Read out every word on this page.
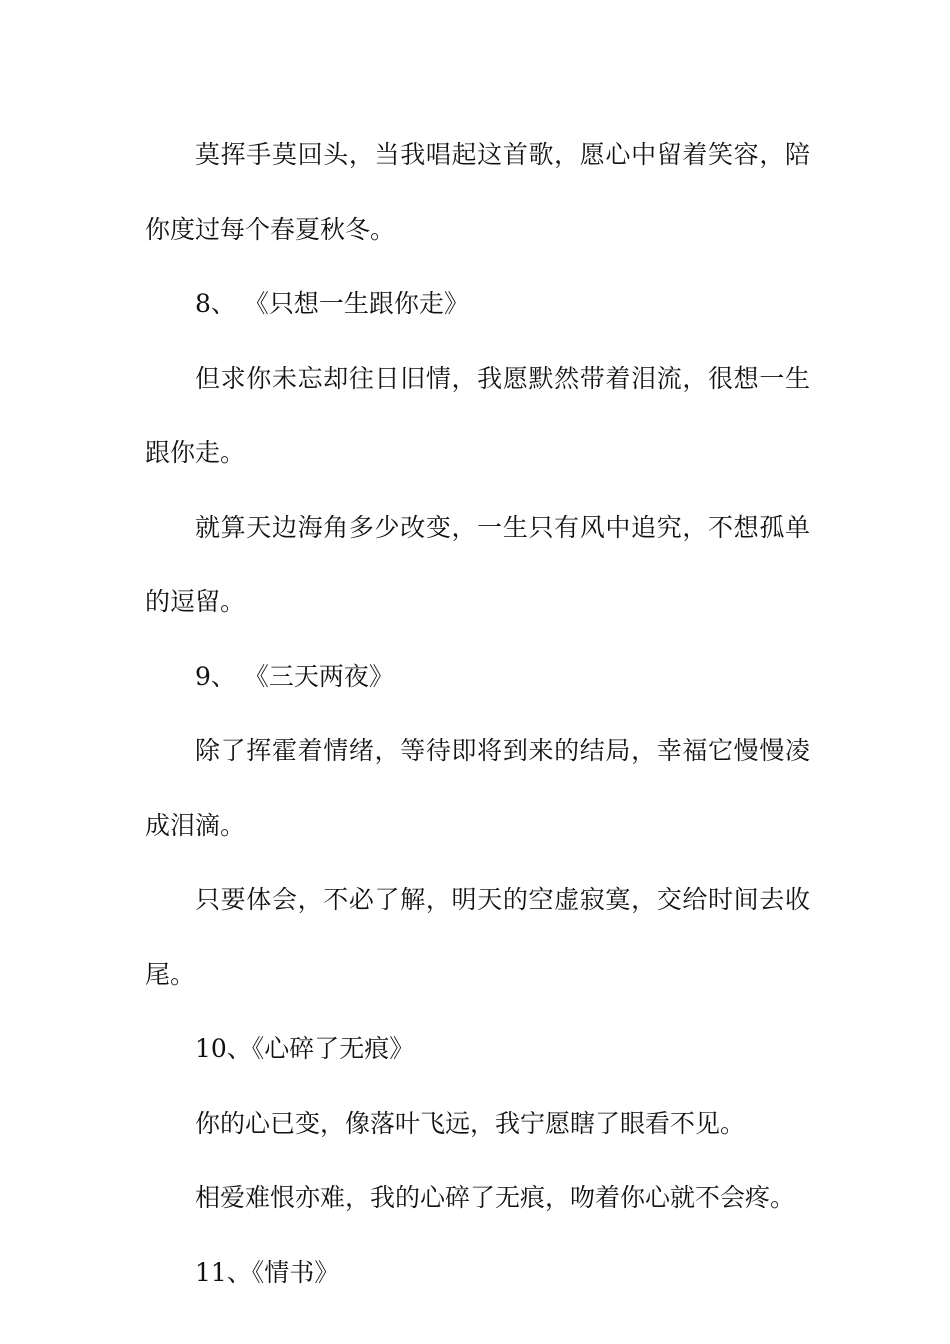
莫挥手莫回头，当我唱起这首歌，愿心中留着笑容，陪你度过每个春夏秋冬。

8、 《只想一生跟你走》

但求你未忘却往日旧情，我愿默然带着泪流，很想一生跟你走。

就算天边海角多少改变，一生只有风中追究，不想孤单的逗留。

9、 《三天两夜》

除了挥霍着情绪，等待即将到来的结局，幸福它慢慢凌成泪滴。

只要体会，不必了解，明天的空虚寂寞，交给时间去收尾。

10、《心碎了无痕》

你的心已变，像落叶飞远，我宁愿瞎了眼看不见。

相爱难恨亦难，我的心碎了无痕，吻着你心就不会疼。

11、《情书》
